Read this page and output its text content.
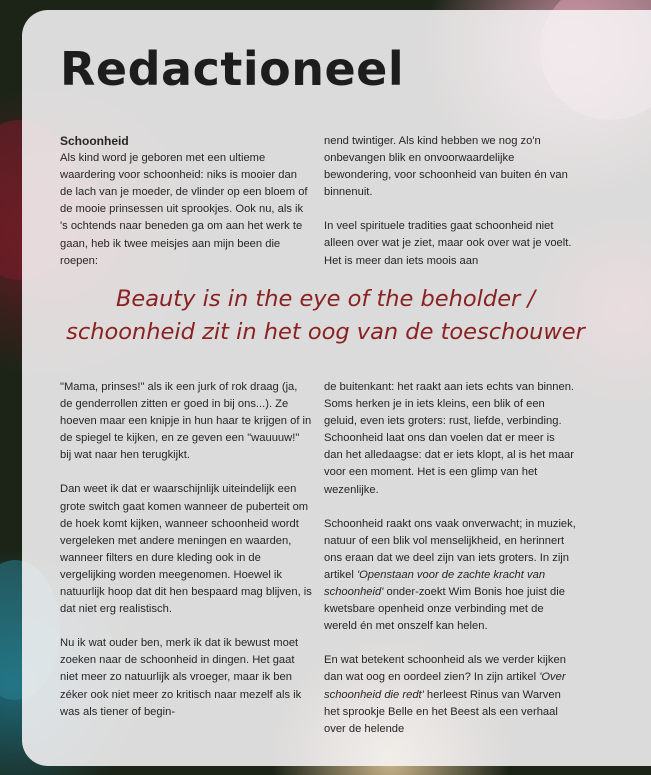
Redactioneel
Schoonheid

Als kind word je geboren met een ultieme waardering voor schoonheid: niks is mooier dan de lach van je moeder, de vlinder op een bloem of de mooie prinsessen uit sprookjes. Ook nu, als ik 's ochtends naar beneden ga om aan het werk te gaan, heb ik twee meisjes aan mijn been die roepen:

nend twintiger. Als kind hebben we nog zo'n onbevangen blik en onvoorwaardelijke bewondering, voor schoonheid van buiten én van binnenuit.

In veel spirituele tradities gaat schoonheid niet alleen over wat je ziet, maar ook over wat je voelt. Het is meer dan iets moois aan

Beauty is in the eye of the beholder /
schoonheid zit in het oog van de toeschouwer

"Mama, prinses!" als ik een jurk of rok draag (ja, de genderrollen zitten er goed in bij ons...). Ze hoeven maar een knipje in hun haar te krijgen of in de spiegel te kijken, en ze geven een "wauuuw!" bij wat naar hen terugkijkt.

Dan weet ik dat er waarschijnlijk uiteindelijk een grote switch gaat komen wanneer de puberteit om de hoek komt kijken, wanneer schoonheid wordt vergeleken met andere meningen en waarden, wanneer filters en dure kleding ook in de vergelijking worden meegenomen. Hoewel ik natuurlijk hoop dat dit hen bespaard mag blijven, is dat niet erg realistisch.

Nu ik wat ouder ben, merk ik dat ik bewust moet zoeken naar de schoonheid in dingen. Het gaat niet meer zo natuurlijk als vroeger, maar ik ben zéker ook niet meer zo kritisch naar mezelf als ik was als tiener of begin-

de buitenkant: het raakt aan iets echts van binnen. Soms herken je in iets kleins, een blik of een geluid, even iets groters: rust, liefde, verbinding. Schoonheid laat ons dan voelen dat er meer is dan het alledaagse: dat er iets klopt, al is het maar voor een moment. Het is een glimp van het wezenlijke.

Schoonheid raakt ons vaak onverwacht; in muziek, natuur of een blik vol menselijkheid, en herinnert ons eraan dat we deel zijn van iets groters. In zijn artikel 'Openstaan voor de zachte kracht van schoonheid' onder-zoekt Wim Bonis hoe juist die kwetsbare openheid onze verbinding met de wereld én met onszelf kan helen.

En wat betekent schoonheid als we verder kijken dan wat oog en oordeel zien? In zijn artikel 'Over schoonheid die redt' herleest Rinus van Warven het sprookje Belle en het Beest als een verhaal over de helende
